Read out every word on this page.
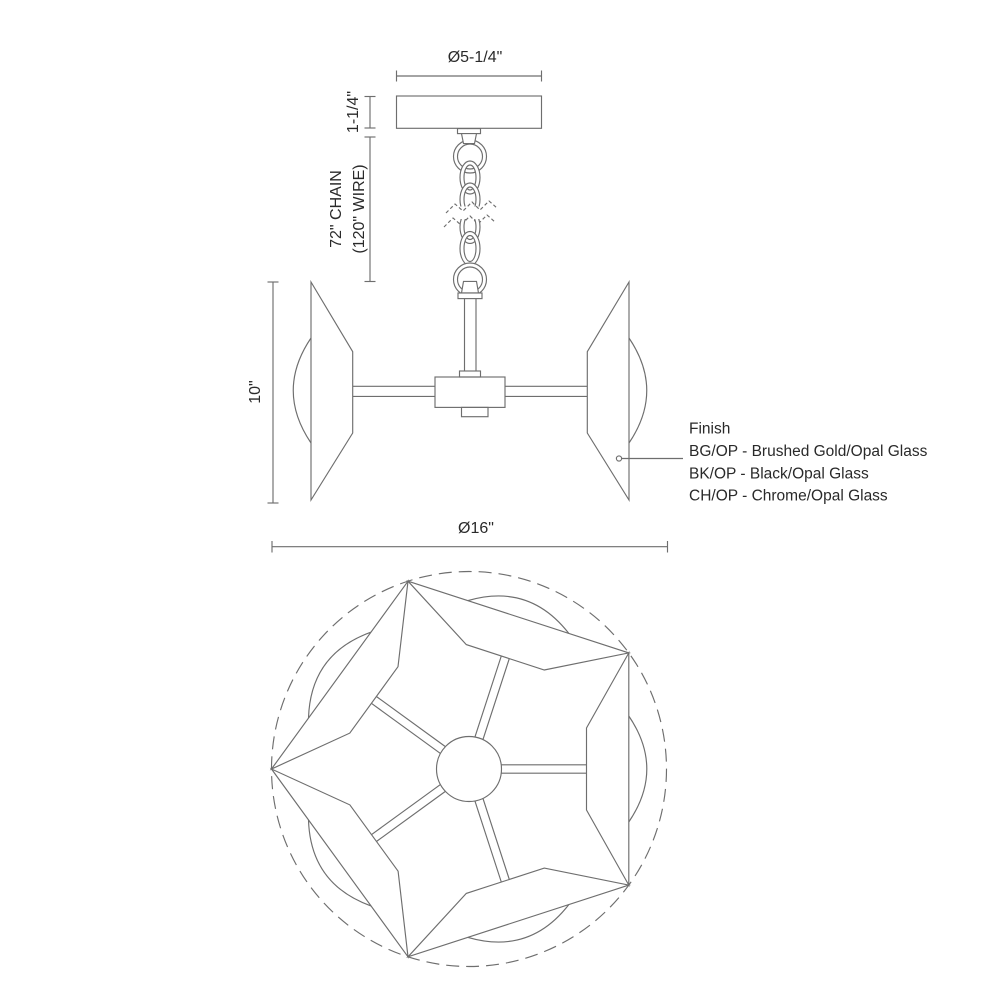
Ø5-1/4"
1-1/4"
72" CHAIN (120" WIRE)
10"
Finish
BG/OP - Brushed Gold/Opal Glass
BK/OP - Black/Opal Glass
CH/OP - Chrome/Opal Glass
Ø16"
